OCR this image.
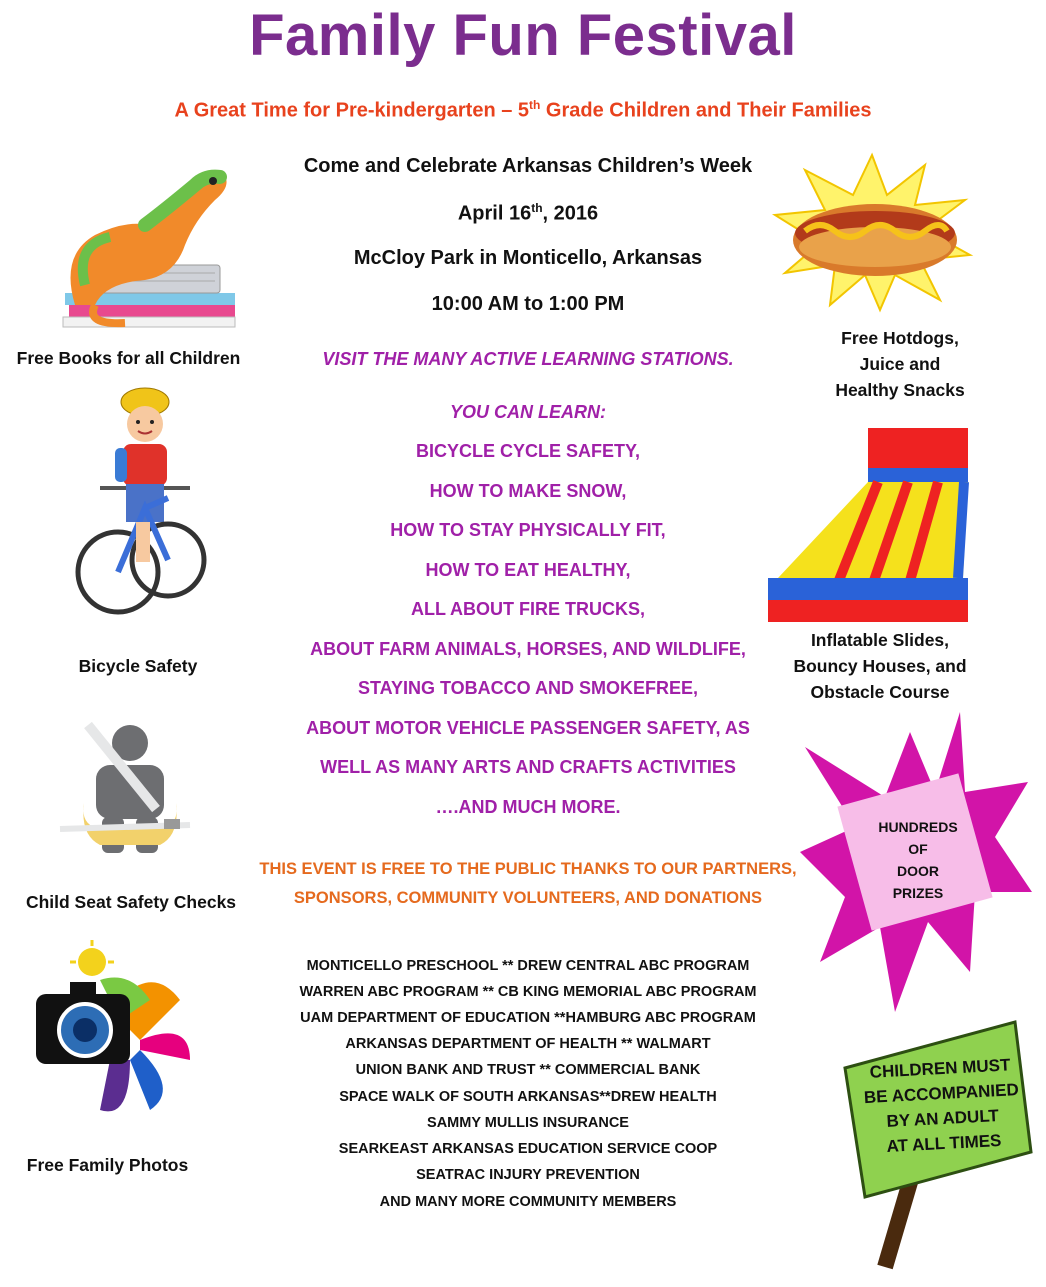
Family Fun Festival
A Great Time for Pre-kindergarten – 5th Grade Children and Their Families
Come and Celebrate Arkansas Children’s Week
April 16th, 2016
McCloy Park in Monticello, Arkansas
10:00 AM to 1:00 PM
VISIT THE MANY ACTIVE LEARNING STATIONS.
YOU CAN LEARN:
BICYCLE CYCLE SAFETY,
HOW TO MAKE SNOW,
HOW TO STAY PHYSICALLY FIT,
HOW TO EAT HEALTHY,
ALL ABOUT FIRE TRUCKS,
ABOUT FARM ANIMALS, HORSES, AND WILDLIFE,
STAYING TOBACCO AND SMOKEFREE,
ABOUT MOTOR VEHICLE PASSENGER SAFETY, AS
WELL AS MANY ARTS AND CRAFTS ACTIVITIES
….AND MUCH MORE.
THIS EVENT IS FREE TO THE PUBLIC THANKS TO OUR PARTNERS,
SPONSORS, COMMUNITY VOLUNTEERS, AND DONATIONS
MONTICELLO PRESCHOOL ** DREW CENTRAL ABC PROGRAM
WARREN ABC PROGRAM ** CB KING MEMORIAL ABC PROGRAM
UAM DEPARTMENT OF EDUCATION **HAMBURG ABC PROGRAM
ARKANSAS DEPARTMENT OF HEALTH ** WALMART
UNION BANK AND TRUST ** COMMERCIAL BANK
SPACE WALK OF SOUTH ARKANSAS**DREW HEALTH
SAMMY MULLIS INSURANCE
SEARKEAST ARKANSAS EDUCATION SERVICE COOP
SEATRAC INJURY PREVENTION
AND MANY MORE COMMUNITY MEMBERS
Free Books for all Children
Bicycle Safety
Child Seat Safety Checks
Free Family Photos
Free Hotdogs,
Juice and
Healthy Snacks
Inflatable Slides,
Bouncy Houses, and
Obstacle Course
HUNDREDS
OF
DOOR
PRIZES
CHILDREN MUST
BE ACCOMPANIED
BY AN ADULT
AT ALL TIMES
